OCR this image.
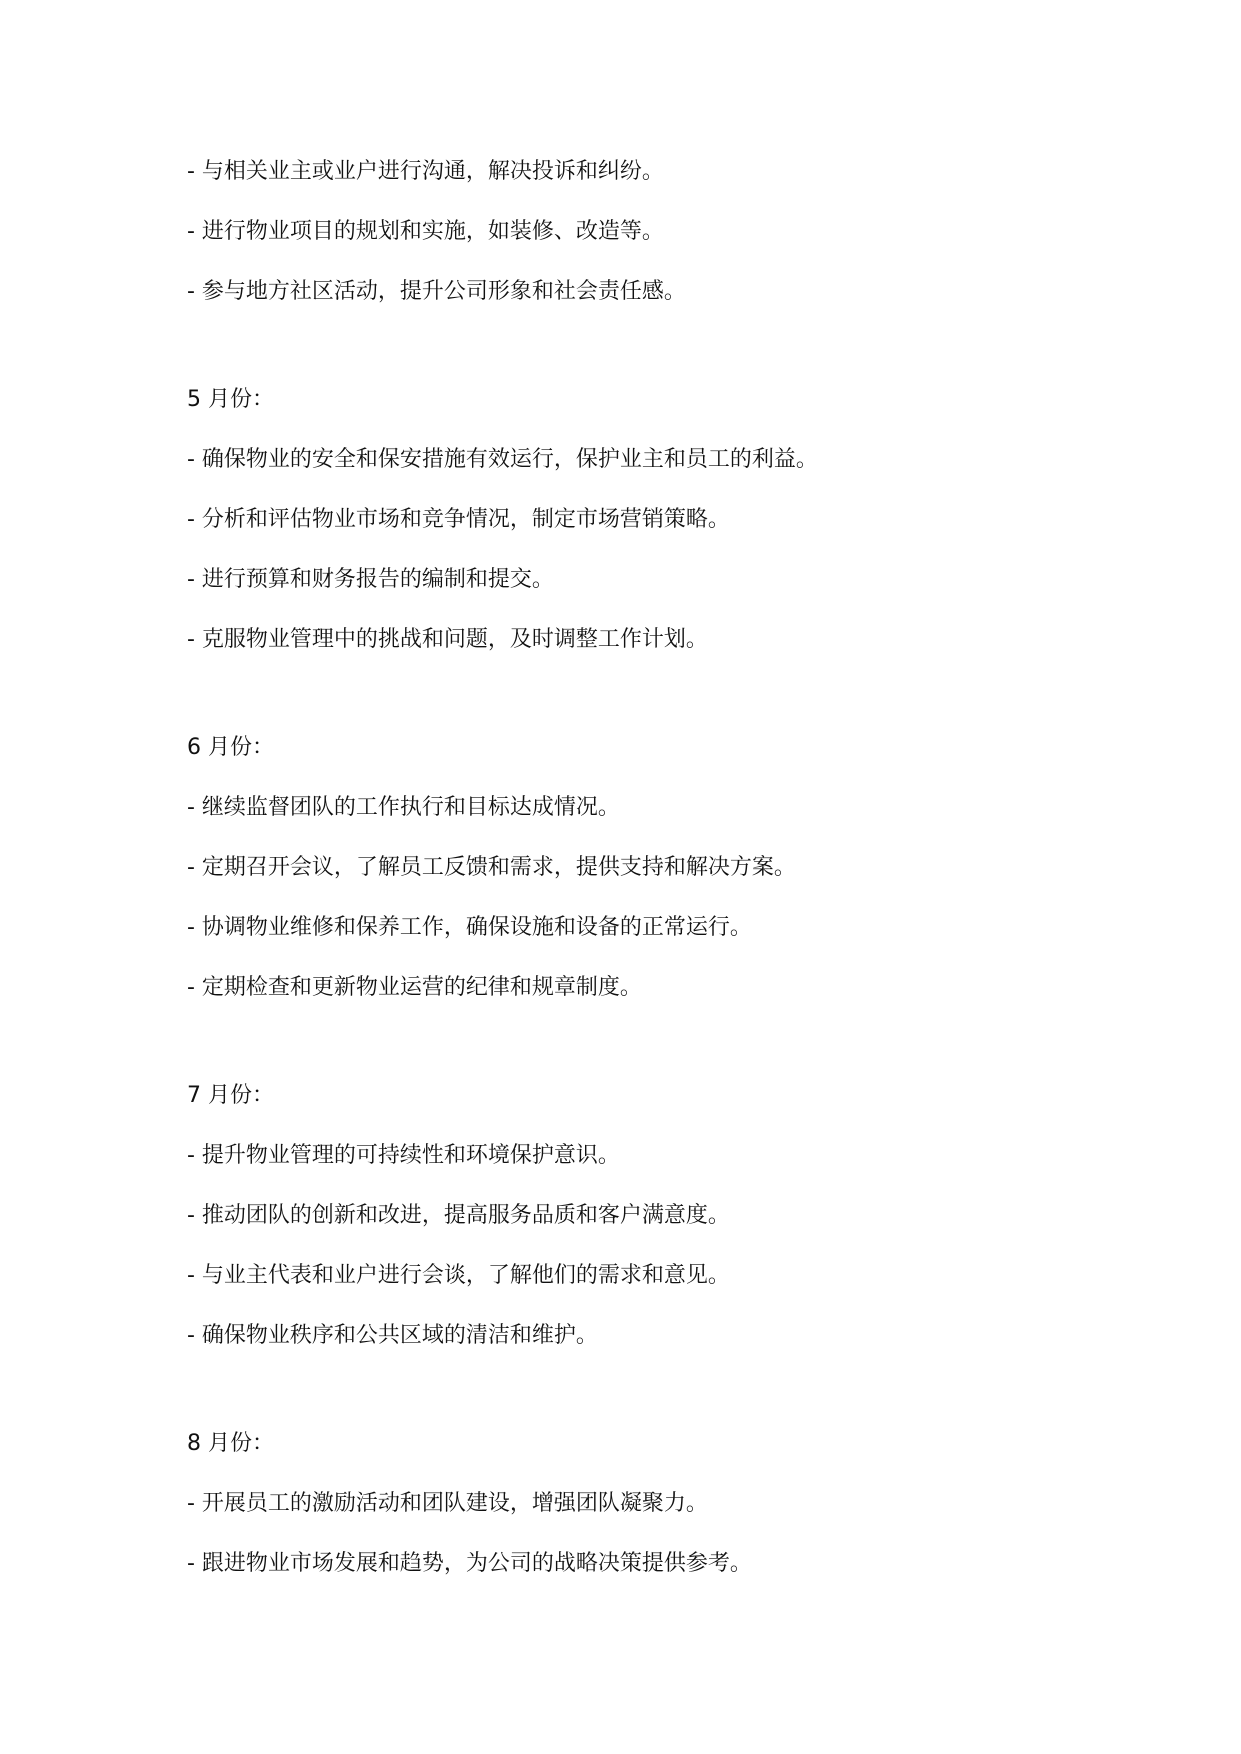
- 与相关业主或业户进行沟通，解决投诉和纠纷。
- 进行物业项目的规划和实施，如装修、改造等。
- 参与地方社区活动，提升公司形象和社会责任感。
5 月份：
- 确保物业的安全和保安措施有效运行，保护业主和员工的利益。
- 分析和评估物业市场和竞争情况，制定市场营销策略。
- 进行预算和财务报告的编制和提交。
- 克服物业管理中的挑战和问题，及时调整工作计划。
6 月份：
- 继续监督团队的工作执行和目标达成情况。
- 定期召开会议，了解员工反馈和需求，提供支持和解决方案。
- 协调物业维修和保养工作，确保设施和设备的正常运行。
- 定期检查和更新物业运营的纪律和规章制度。
7 月份：
- 提升物业管理的可持续性和环境保护意识。
- 推动团队的创新和改进，提高服务品质和客户满意度。
- 与业主代表和业户进行会谈，了解他们的需求和意见。
- 确保物业秩序和公共区域的清洁和维护。
8 月份：
- 开展员工的激励活动和团队建设，增强团队凝聚力。
- 跟进物业市场发展和趋势，为公司的战略决策提供参考。
